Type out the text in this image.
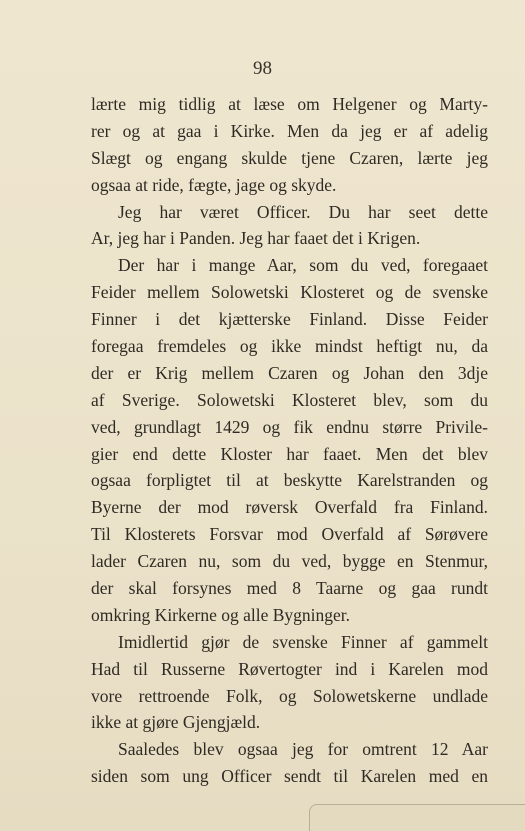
98
lærte mig tidlig at læse om Helgener og Marty-
rer og at gaa i Kirke. Men da jeg er af adelig
Slægt og engang skulde tjene Czaren, lærte jeg
ogsaa at ride, fægte, jage og skyde.
Jeg har været Officer. Du har seet dette
Ar, jeg har i Panden. Jeg har faaet det i Krigen.
Der har i mange Aar, som du ved, foregaaet
Feider mellem Solowetski Klosteret og de svenske
Finner i det kjætterske Finland. Disse Feider
foregaa fremdeles og ikke mindst heftigt nu, da
der er Krig mellem Czaren og Johan den 3dje
af Sverige. Solowetski Klosteret blev, som du
ved, grundlagt 1429 og fik endnu større Privile-
gier end dette Kloster har faaet. Men det blev
ogsaa forpligtet til at beskytte Karelstranden og
Byerne der mod røversk Overfald fra Finland.
Til Klosterets Forsvar mod Overfald af Sørøvere
lader Czaren nu, som du ved, bygge en Stenmur,
der skal forsynes med 8 Taarne og gaa rundt
omkring Kirkerne og alle Bygninger.
Imidlertid gjør de svenske Finner af gammelt
Had til Russerne Røvertogter ind i Karelen mod
vore rettroende Folk, og Solowetskerne undlade
ikke at gjøre Gjengjæld.
Saaledes blev ogsaa jeg for omtrent 12 Aar
siden som ung Officer sendt til Karelen med en
